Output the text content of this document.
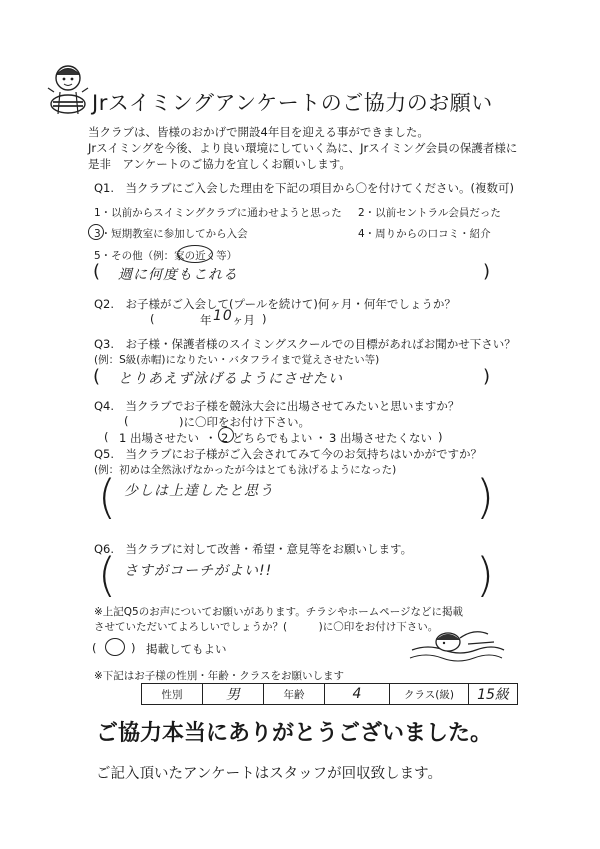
Jrスイミングアンケートのご協力のお願い
当クラブは、皆様のおかげで開設4年目を迎える事ができました。
Jrスイミングを今後、より良い環境にしていく為に、Jrスイミング会員の保護者様に
是非　アンケートのご協力を宜しくお願いします。
Q1.　当クラブにご入会した理由を下記の項目から〇を付けてください。(複数可)
1・以前からスイミングクラブに通わせようと思った 2・以前セントラル会員だった
3・短期教室に参加してから入会	4・周りからの口コミ・紹介
5・その他（例：家の近く等）
( 週に何度もこれる	)
Q2.　お子様がご入会して(プールを続けて)何ヶ月・何年でしょうか？
(	年 10 ヶ月 )
Q3.　お子様・保護者様のスイミングスクールでの目標があればお聞かせ下さい？
(例：S級(赤帽)になりたい・バタフライまで覚えさせたい等)
( とりあえず泳げるようにさせたい	)
Q4.　当クラブでお子様を競泳大会に出場させてみたいと思いますか？
( 　　)に〇印をお付け下さい。
( 1 出場させたい ・ 2 どちらでもよい ・ 3 出場させたくない )
Q5.　当クラブにお子様がご入会されてみて今のお気持ちはいかがですか？
(例：初めは全然泳げなかったが今はとても泳げるようになった)
( 少しは上達したと思う	)
Q6.　当クラブに対して改善・希望・意見等をお願いします。
( さすがコーチがよい!!	)
※上記Q5のお声についてお願いがあります。チラシやホームページなどに掲載
させていただいてよろしいでしょうか？(　　　)に〇印をお付け下さい。
(	) 掲載してもよい
※下記はお子様の性別・年齢・クラスをお願いします
性別	男	年齢	4	クラス(級)	15級
ご協力本当にありがとうございました。
ご記入頂いたアンケートはスタッフが回収致します。
